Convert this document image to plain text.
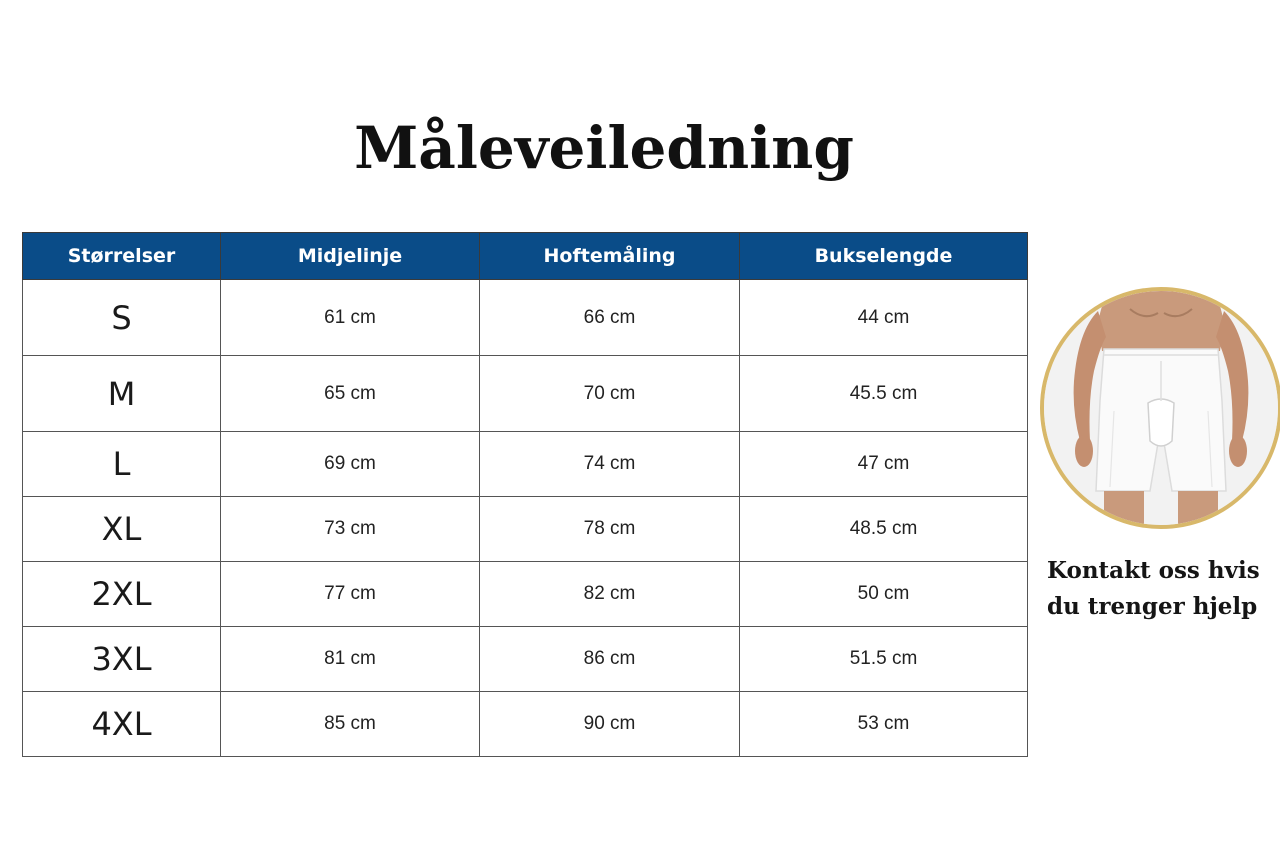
Måleveiledning
Størrelser	Midjelinje	Hoftemåling	Bukselengde
S	61 cm	66 cm	44 cm
M	65 cm	70 cm	45.5 cm
L	69 cm	74 cm	47 cm
XL	73 cm	78 cm	48.5 cm
2XL	77 cm	82 cm	50 cm
3XL	81 cm	86 cm	51.5 cm
4XL	85 cm	90 cm	53 cm
Kontakt oss hvis
du trenger hjelp
